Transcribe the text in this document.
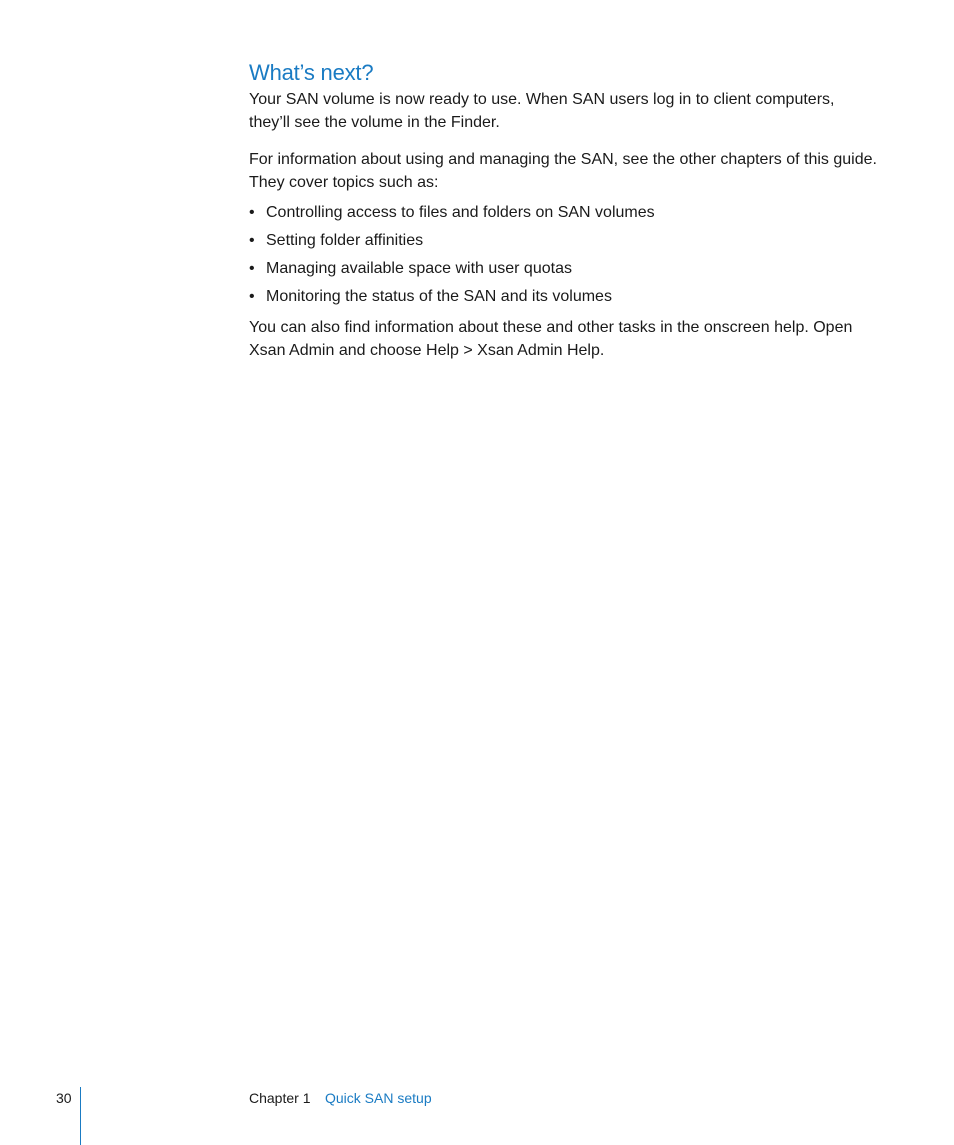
What’s next?

Your SAN volume is now ready to use. When SAN users log in to client computers, they’ll see the volume in the Finder.

For information about using and managing the SAN, see the other chapters of this guide. They cover topics such as:

• Controlling access to files and folders on SAN volumes
• Setting folder affinities
• Managing available space with user quotas
• Monitoring the status of the SAN and its volumes

You can also find information about these and other tasks in the onscreen help. Open Xsan Admin and choose Help > Xsan Admin Help.

30	Chapter 1 Quick SAN setup
